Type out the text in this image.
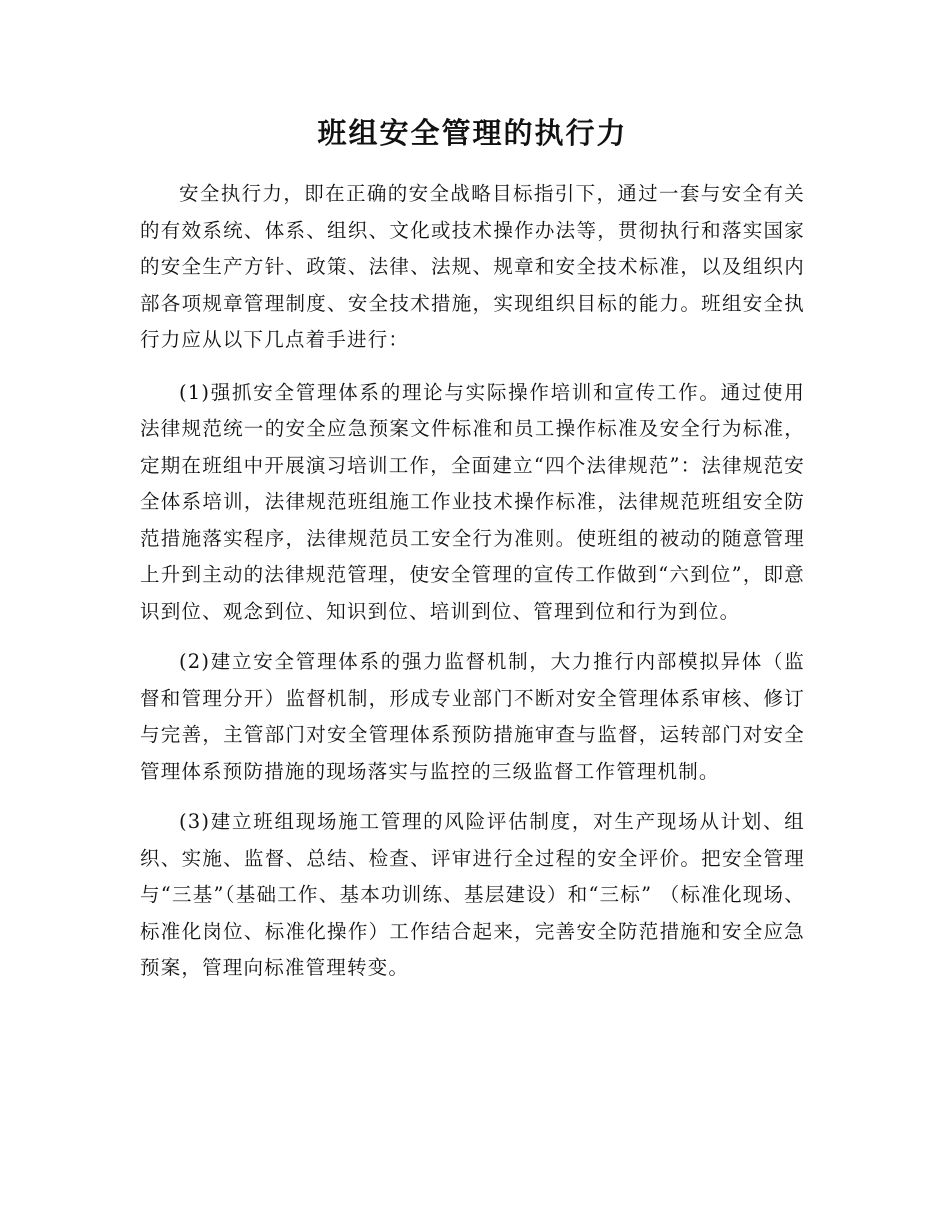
班组安全管理的执行力

安全执行力，即在正确的安全战略目标指引下，通过一套与安全有关的有效系统、体系、组织、文化或技术操作办法等，贯彻执行和落实国家的安全生产方针、政策、法律、法规、规章和安全技术标准，以及组织内部各项规章管理制度、安全技术措施，实现组织目标的能力。班组安全执行力应从以下几点着手进行：

(1)强抓安全管理体系的理论与实际操作培训和宣传工作。通过使用法律规范统一的安全应急预案文件标准和员工操作标准及安全行为标准，定期在班组中开展演习培训工作，全面建立“四个法律规范”：法律规范安全体系培训，法律规范班组施工作业技术操作标准，法律规范班组安全防范措施落实程序，法律规范员工安全行为准则。使班组的被动的随意管理上升到主动的法律规范管理，使安全管理的宣传工作做到“六到位”，即意识到位、观念到位、知识到位、培训到位、管理到位和行为到位。

(2)建立安全管理体系的强力监督机制，大力推行内部模拟异体（监督和管理分开）监督机制，形成专业部门不断对安全管理体系审核、修订与完善，主管部门对安全管理体系预防措施审查与监督，运转部门对安全管理体系预防措施的现场落实与监控的三级监督工作管理机制。

(3)建立班组现场施工管理的风险评估制度，对生产现场从计划、组织、实施、监督、总结、检查、评审进行全过程的安全评价。把安全管理与“三基”（基础工作、基本功训练、基层建设）和“三标” （标准化现场、标准化岗位、标准化操作）工作结合起来，完善安全防范措施和安全应急预案，管理向标准管理转变。
